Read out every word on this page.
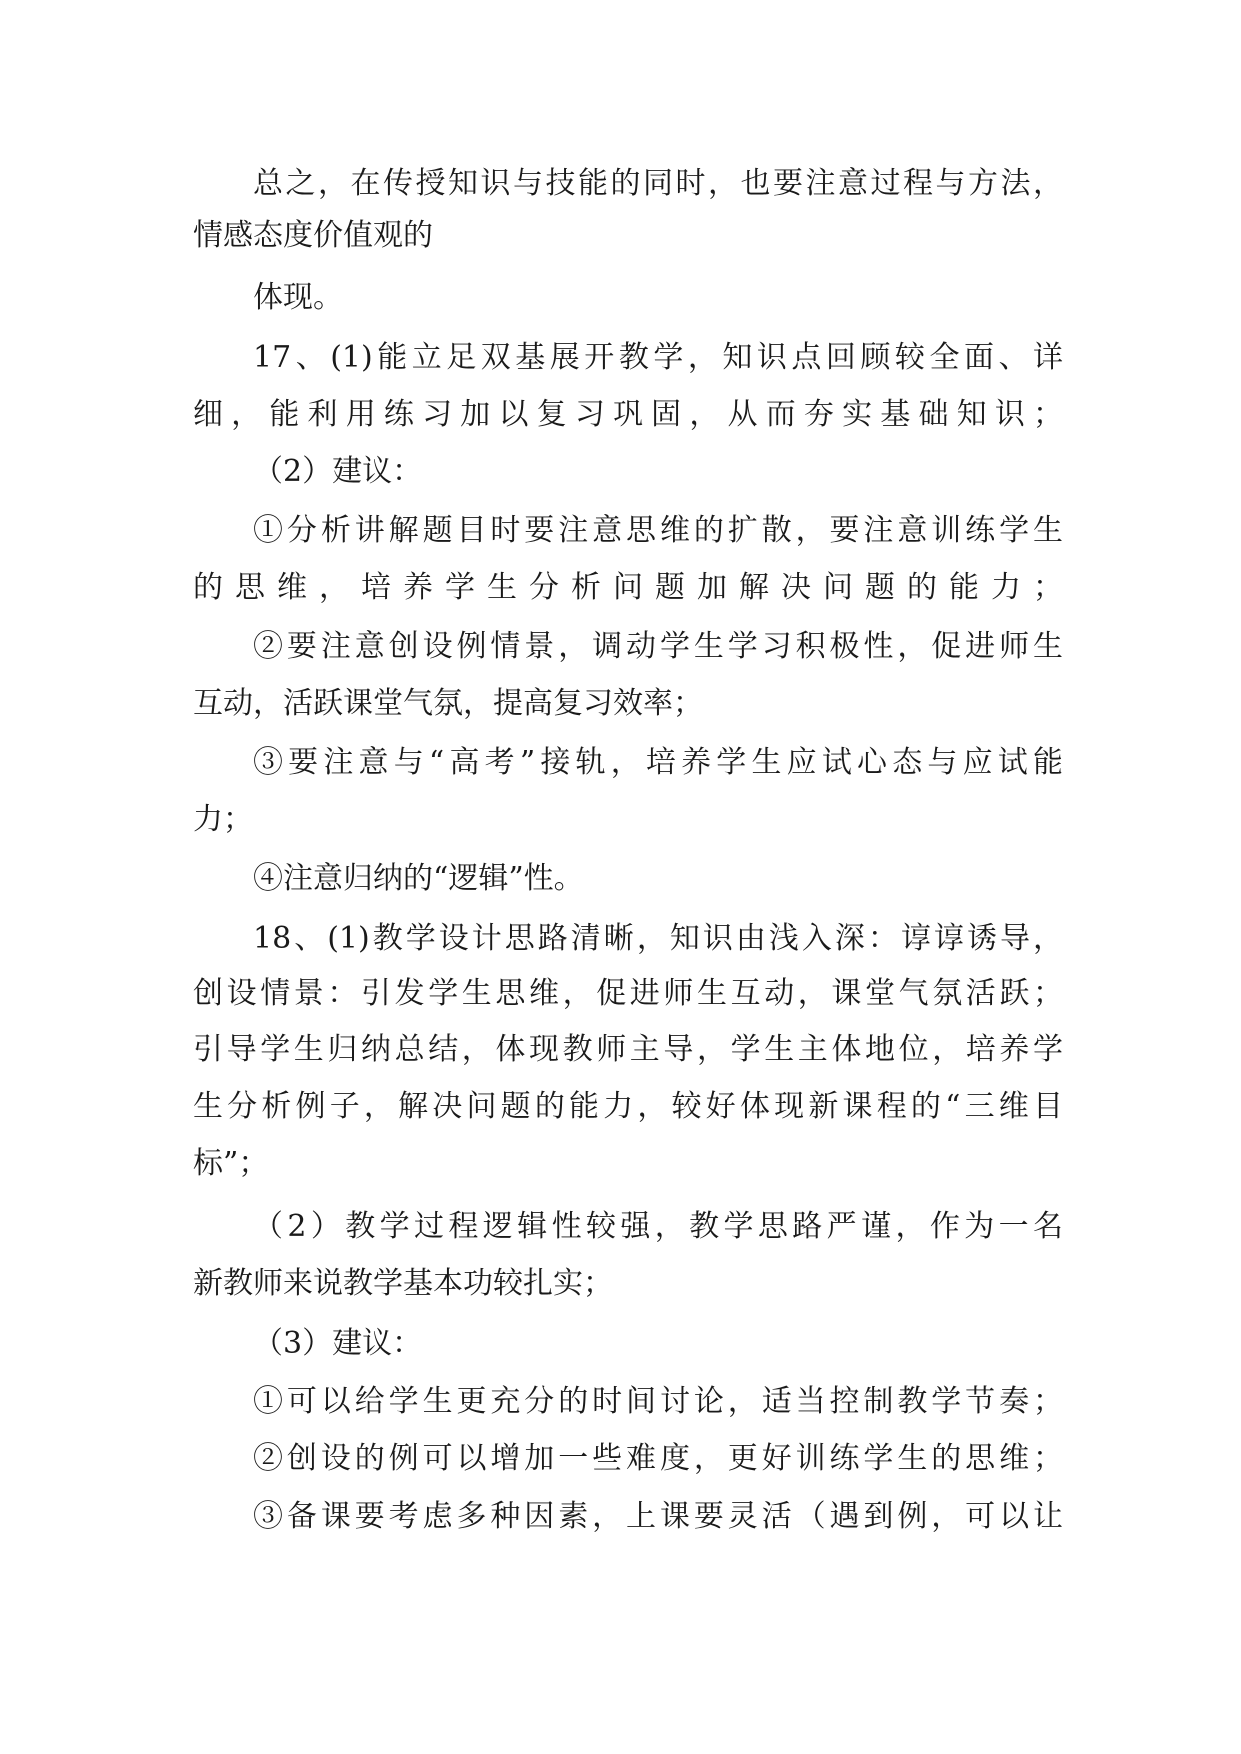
总之，在传授知识与技能的同时，也要注意过程与方法，
情感态度价值观的
体现。
17、(1)能立足双基展开教学，知识点回顾较全面、详
细，能利用练习加以复习巩固，从而夯实基础知识；
（2）建议：
①分析讲解题目时要注意思维的扩散，要注意训练学生
的思维，培养学生分析问题加解决问题的能力；
②要注意创设例情景，调动学生学习积极性，促进师生
互动，活跃课堂气氛，提高复习效率；
③要注意与“高考”接轨，培养学生应试心态与应试能
力；
④注意归纳的“逻辑”性。
18、(1)教学设计思路清晰，知识由浅入深：谆谆诱导，
创设情景：引发学生思维，促进师生互动，课堂气氛活跃；
引导学生归纳总结，体现教师主导，学生主体地位，培养学
生分析例子，解决问题的能力，较好体现新课程的“三维目
标”；
（2）教学过程逻辑性较强，教学思路严谨，作为一名
新教师来说教学基本功较扎实；
（3）建议：
①可以给学生更充分的时间讨论，适当控制教学节奏；
②创设的例可以增加一些难度，更好训练学生的思维；
③备课要考虑多种因素，上课要灵活（遇到例，可以让
